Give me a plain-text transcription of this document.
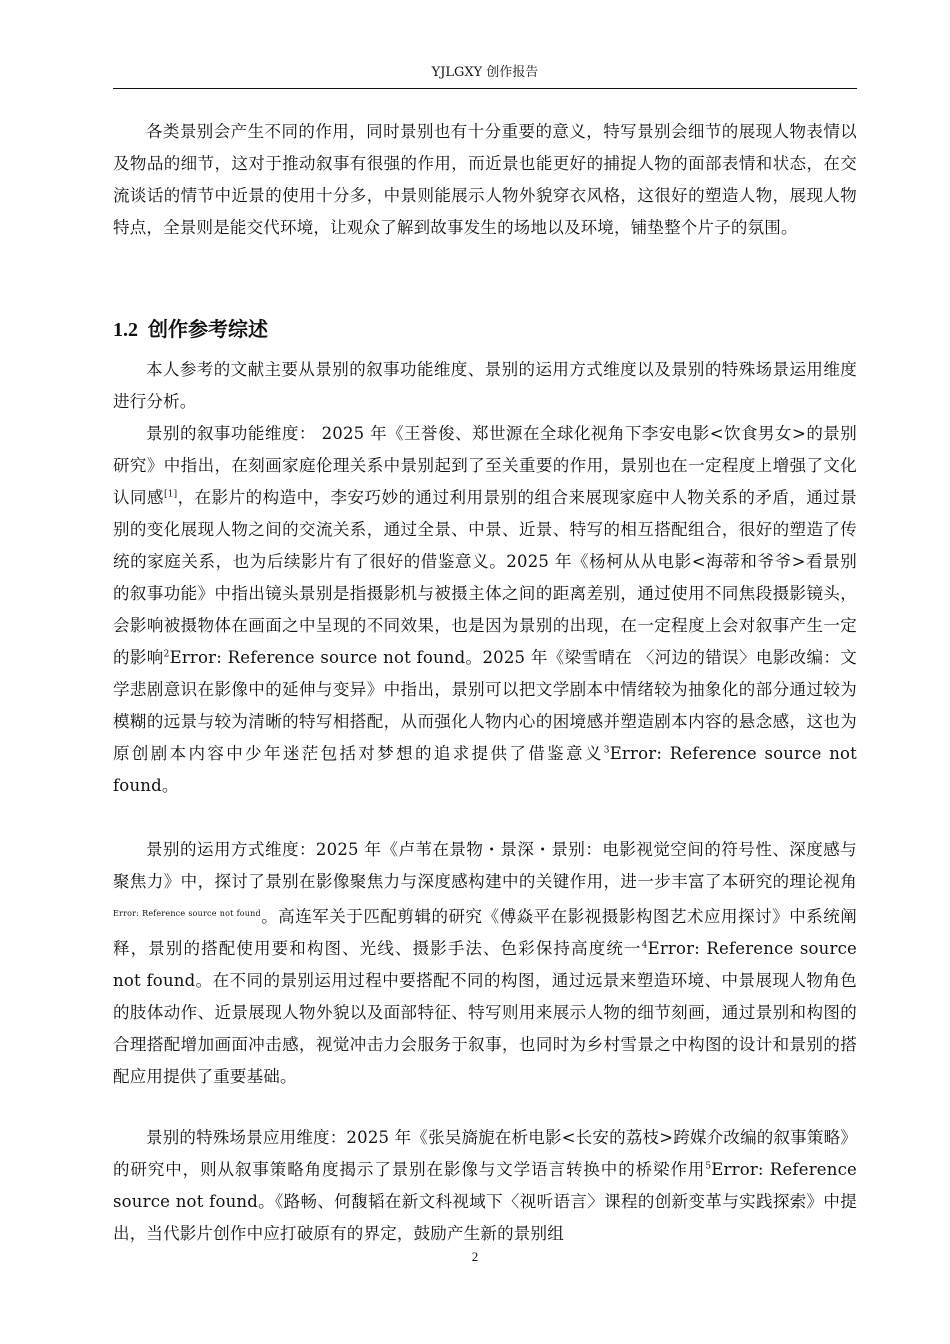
YJLGXY 创作报告

各类景别会产生不同的作用，同时景别也有十分重要的意义，特写景别会细节的展现人物表情以及物品的细节，这对于推动叙事有很强的作用，而近景也能更好的捕捉人物的面部表情和状态，在交流谈话的情节中近景的使用十分多，中景则能展示人物外貌穿衣风格，这很好的塑造人物，展现人物特点，全景则是能交代环境，让观众了解到故事发生的场地以及环境，铺垫整个片子的氛围。

1.2 创作参考综述

本人参考的文献主要从景别的叙事功能维度、景别的运用方式维度以及景别的特殊场景运用维度进行分析。

景别的叙事功能维度： 2025 年《王誉俊、郑世源在全球化视角下李安电影<饮食男女>的景别研究》中指出，在刻画家庭伦理关系中景别起到了至关重要的作用，景别也在一定程度上增强了文化认同感[1]，在影片的构造中，李安巧妙的通过利用景别的组合来展现家庭中人物关系的矛盾，通过景别的变化展现人物之间的交流关系，通过全景、中景、近景、特写的相互搭配组合，很好的塑造了传统的家庭关系，也为后续影片有了很好的借鉴意义。2025 年《杨柯从从电影<海蒂和爷爷>看景别的叙事功能》中指出镜头景别是指摄影机与被摄主体之间的距离差别，通过使用不同焦段摄影镜头，会影响被摄物体在画面之中呈现的不同效果，也是因为景别的出现，在一定程度上会对叙事产生一定的影响$^2$Error: Reference source not found。2025 年《梁雪晴在 〈河边的错误〉电影改编：文学悲剧意识在影像中的延伸与变异》中指出，景别可以把文学剧本中情绪较为抽象化的部分通过较为模糊的远景与较为清晰的特写相搭配，从而强化人物内心的困境感并塑造剧本内容的悬念感，这也为原创剧本内容中少年迷茫包括对梦想的追求提供了借鉴意义$^3$Error: Reference source not found。

景别的运用方式维度：2025 年《卢苇在景物・景深・景别：电影视觉空间的符号性、深度感与聚焦力》中，探讨了景别在影像聚焦力与深度感构建中的关键作用，进一步丰富了本研究的理论视角$^{Error: Reference source not found}$。高连军关于匹配剪辑的研究《傅焱平在影视摄影构图艺术应用探讨》中系统阐释，景别的搭配使用要和构图、光线、摄影手法、色彩保持高度统一$^4$Error: Reference source not found。在不同的景别运用过程中要搭配不同的构图，通过远景来塑造环境、中景展现人物角色的肢体动作、近景展现人物外貌以及面部特征、特写则用来展示人物的细节刻画，通过景别和构图的合理搭配增加画面冲击感，视觉冲击力会服务于叙事，也同时为乡村雪景之中构图的设计和景别的搭配应用提供了重要基础。

景别的特殊场景应用维度：2025 年《张吴旖旎在析电影<长安的荔枝>跨媒介改编的叙事策略》的研究中，则从叙事策略角度揭示了景别在影像与文学语言转换中的桥梁作用$^5$Error: Reference source not found。《路畅、何馥韬在新文科视域下〈视听语言〉课程的创新变革与实践探索》中提出，当代影片创作中应打破原有的界定，鼓励产生新的景别组

2
